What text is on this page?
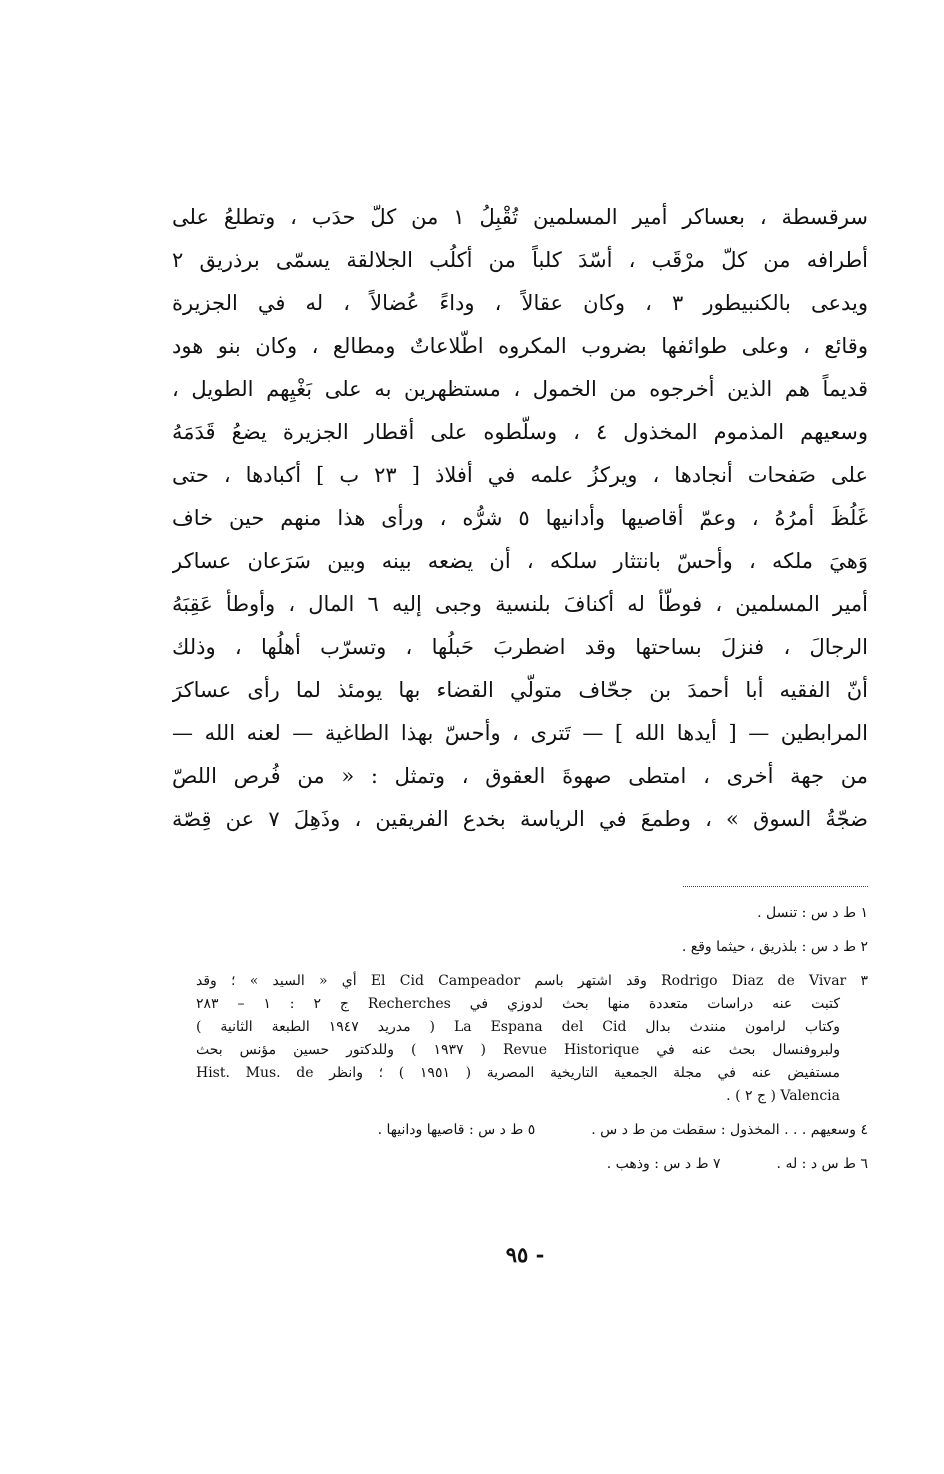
سرقسطة ، بعساكر أمير المسلمين تُقْبِلُ ١ من كلّ حدَب ، وتطلعُ على
أطرافه من كلّ مرْقَب ، أسّدَ كلباً من أكلُب الجلالقة يسمّى برذريق ٢
ويدعى بالكنبيطور ٣ ، وكان عقالاً ، وداءً عُضالاً ، له في الجزيرة
وقائع ، وعلى طوائفها بضروب المكروه اطّلاعاتٌ ومطالع ، وكان بنو هود
قديماً هم الذين أخرجوه من الخمول ، مستظهرين به على بَغْيِهم الطويل ،
وسعيهم المذموم المخذول ٤ ، وسلّطوه على أقطار الجزيرة يضعُ قَدَمَهُ
على صَفحات أنجادها ، ويركزُ علمه في أفلاذ [ ٢٣ ب ] أكبادها ، حتى
غَلُظَ أمرُهُ ، وعمّ أقاصيها وأدانيها ٥ شرُّه ، ورأى هذا منهم حين خاف
وَهيَ ملكه ، وأحسّ بانتثار سلكه ، أن يضعه بينه وبين سَرَعان عساكر
أمير المسلمين ، فوطّأ له أكنافَ بلنسية وجبى إليه ٦ المال ، وأوطأ عَقِبَهُ
الرجالَ ، فنزلَ بساحتها وقد اضطربَ حَبلُها ، وتسرّب أهلُها ، وذلك
أنّ الفقيه أبا أحمدَ بن جحّاف متولّي القضاء بها يومئذ لما رأى عساكرَ
المرابطين — [ أيدها الله ] — تَترى ، وأحسّ بهذا الطاغية — لعنه الله —
من جهة أخرى ، امتطى صهوةَ العقوق ، وتمثل : « من فُرص اللصّ
ضجّةُ السوق » ، وطمعَ في الرياسة بخدع الفريقين ، وذَهِلَ ٧ عن قِصّة
١ ط د س : تنسل .
٢ ط د س : بلذريق ، حيثما وقع .
٣ Rodrigo Diaz de Vivar وقد اشتهر باسم El Cid Campeador أي « السيد » ؛ وقد
كتبت عنه دراسات متعددة منها بحث لدوزي في Recherches ج ٢ : ١ – ٢٨٣
وكتاب لرامون منندث بدال La Espana del Cid ( مدريد ١٩٤٧ الطبعة الثانية )
ولبروفنسال بحث عنه في Revue Historique ( ١٩٣٧ ) وللدكتور حسين مؤنس بحث
مستفيض عنه في مجلة الجمعية التاريخية المصرية ( ١٩٥١ ) ؛ وانظر Hist. Mus. de
Valencia ( ج ٢ ) .
٤ وسعيهم . . . المخذول : سقطت من ط د س .
٥ ط د س : قاصيها ودانيها .
٦ ط س د : له .
٧ ط د س : وذهب .
- ٩٥
